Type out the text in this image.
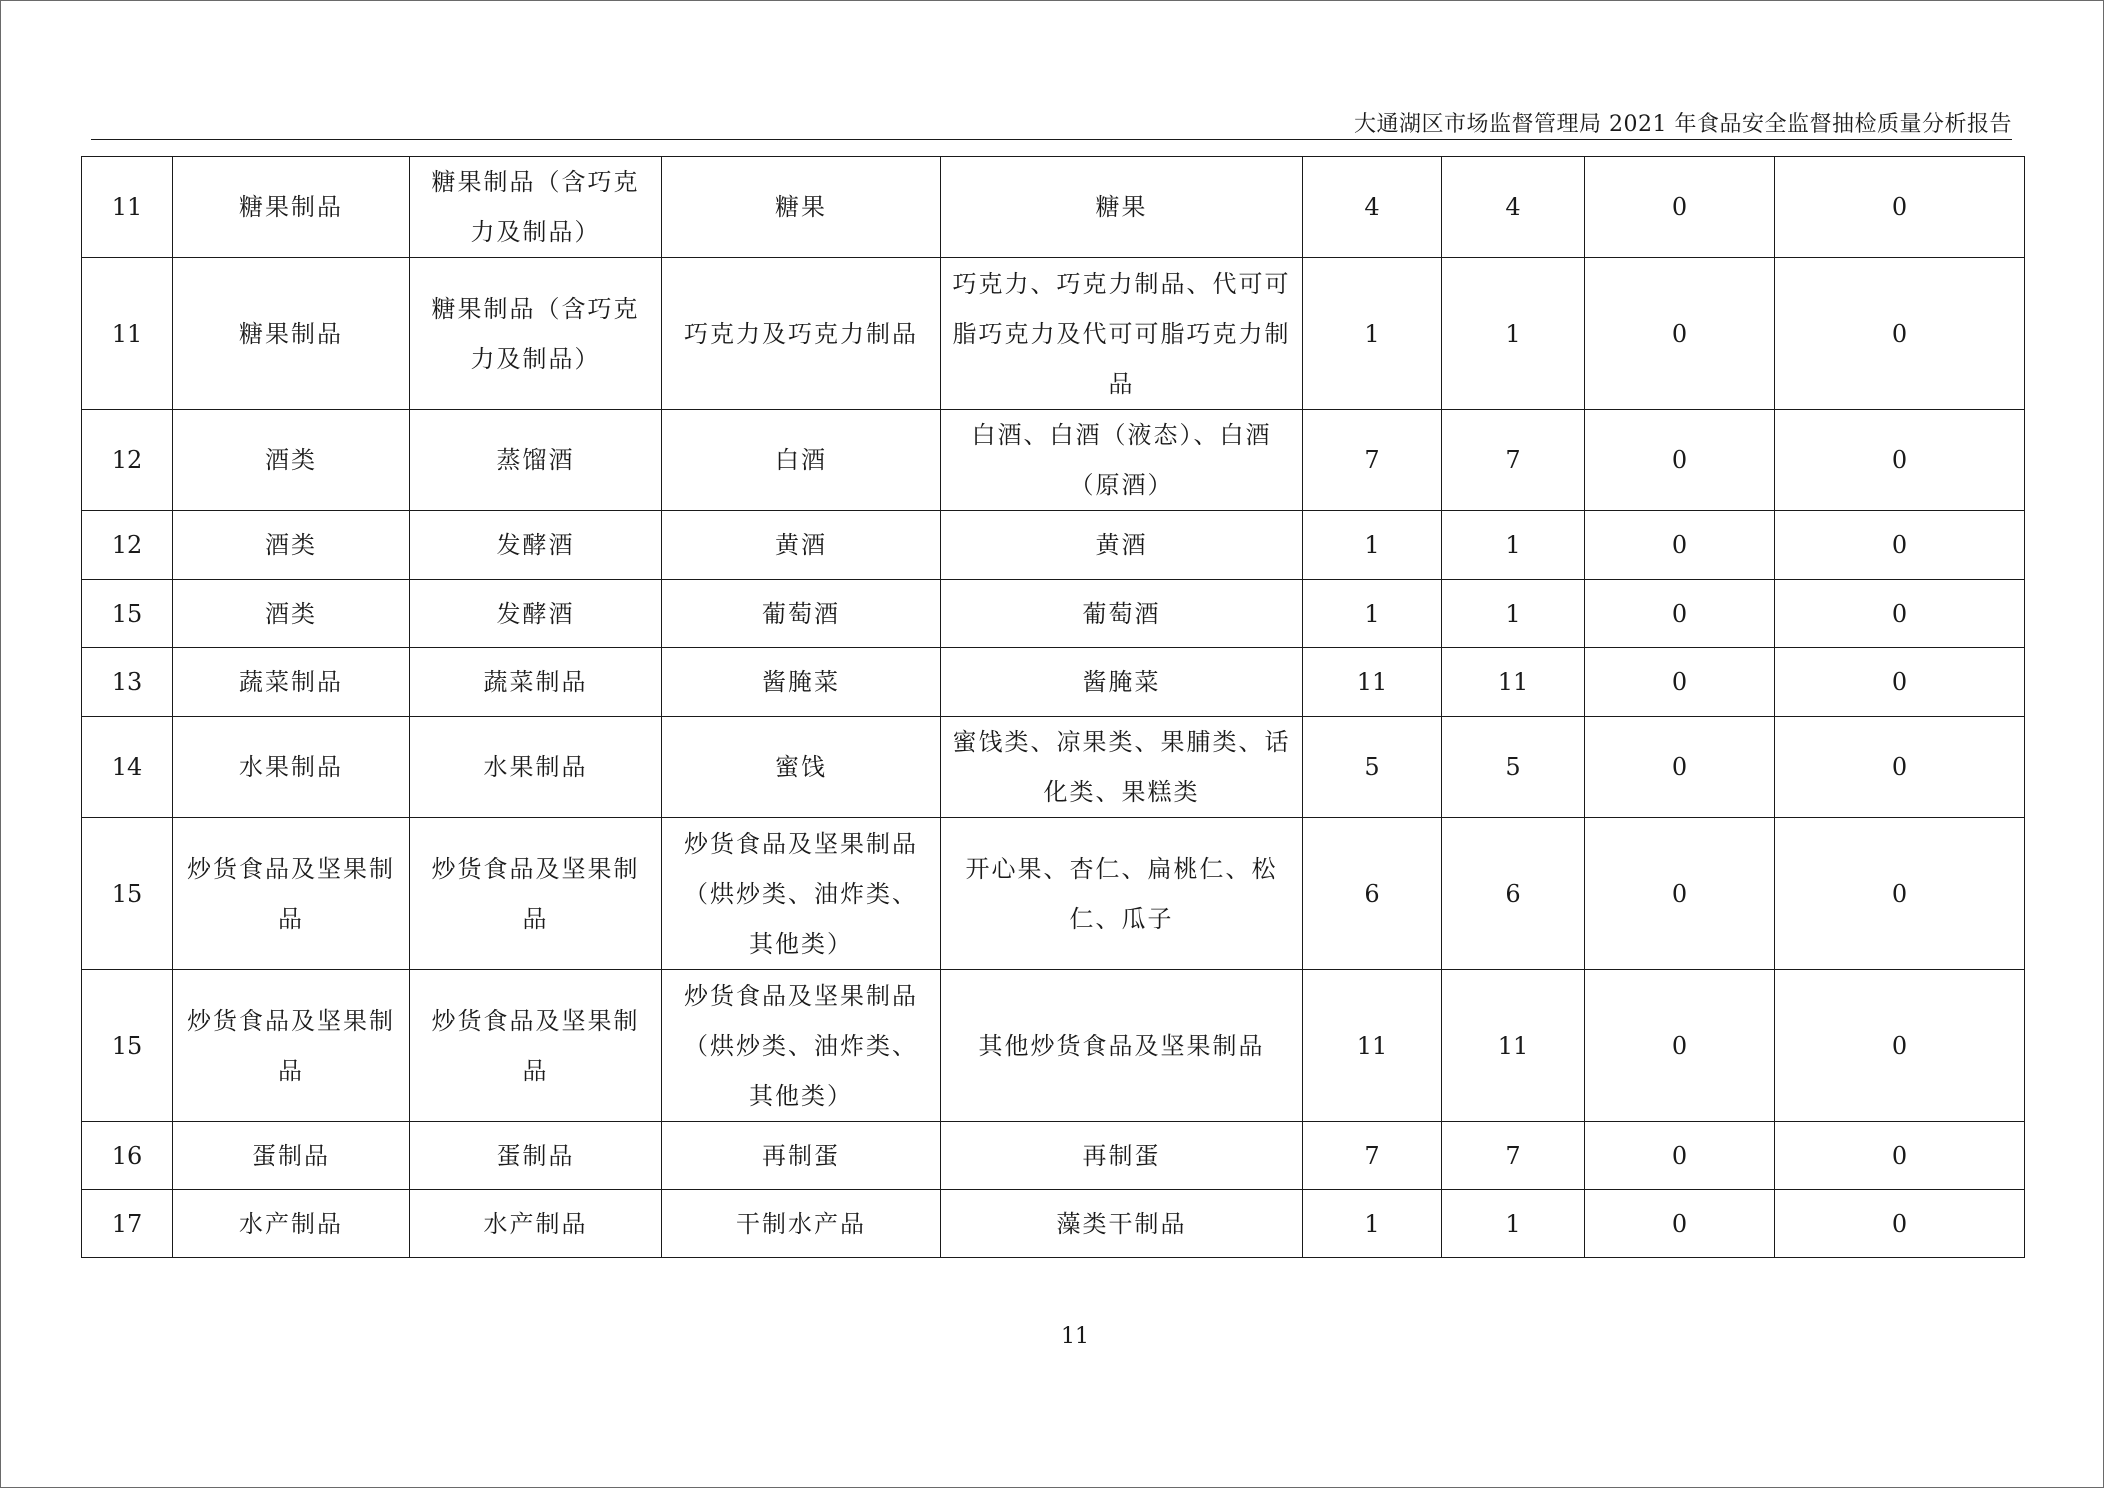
大通湖区市场监督管理局 2021 年食品安全监督抽检质量分析报告
11	糖果制品	糖果制品（含巧克力及制品）	糖果	糖果	4	4	0	0
11	糖果制品	糖果制品（含巧克力及制品）	巧克力及巧克力制品	巧克力、巧克力制品、代可可脂巧克力及代可可脂巧克力制品	1	1	0	0
12	酒类	蒸馏酒	白酒	白酒、白酒（液态）、白酒（原酒）	7	7	0	0
12	酒类	发酵酒	黄酒	黄酒	1	1	0	0
15	酒类	发酵酒	葡萄酒	葡萄酒	1	1	0	0
13	蔬菜制品	蔬菜制品	酱腌菜	酱腌菜	11	11	0	0
14	水果制品	水果制品	蜜饯	蜜饯类、凉果类、果脯类、话化类、果糕类	5	5	0	0
15	炒货食品及坚果制品	炒货食品及坚果制品	炒货食品及坚果制品（烘炒类、油炸类、其他类）	开心果、杏仁、扁桃仁、松仁、瓜子	6	6	0	0
15	炒货食品及坚果制品	炒货食品及坚果制品	炒货食品及坚果制品（烘炒类、油炸类、其他类）	其他炒货食品及坚果制品	11	11	0	0
16	蛋制品	蛋制品	再制蛋	再制蛋	7	7	0	0
17	水产制品	水产制品	干制水产品	藻类干制品	1	1	0	0
11
